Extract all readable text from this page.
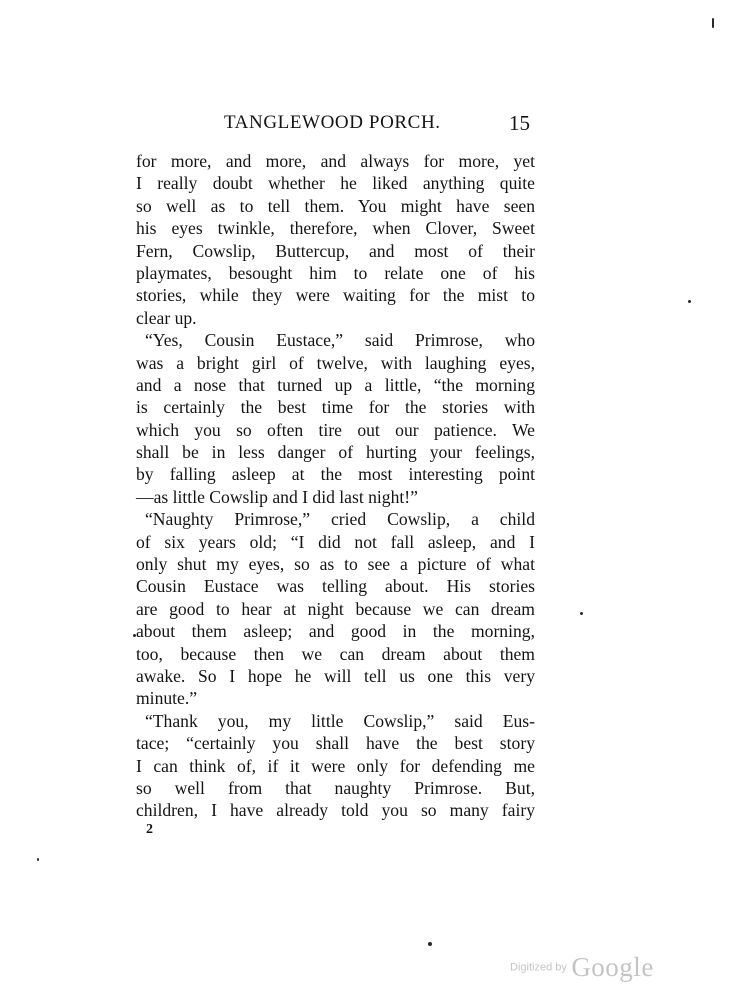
TANGLEWOOD PORCH.	15
for more, and more, and always for more, yet
I really doubt whether he liked anything quite
so well as to tell them. You might have seen
his eyes twinkle, therefore, when Clover, Sweet
Fern, Cowslip, Buttercup, and most of their
playmates, besought him to relate one of his
stories, while they were waiting for the mist to
clear up.
“Yes, Cousin Eustace,” said Primrose, who
was a bright girl of twelve, with laughing eyes,
and a nose that turned up a little, “the morning
is certainly the best time for the stories with
which you so often tire out our patience. We
shall be in less danger of hurting your feelings,
by falling asleep at the most interesting point
—as little Cowslip and I did last night!”
“Naughty Primrose,” cried Cowslip, a child
of six years old; “I did not fall asleep, and I
only shut my eyes, so as to see a picture of what
Cousin Eustace was telling about. His stories
are good to hear at night because we can dream
about them asleep; and good in the morning,
too, because then we can dream about them
awake. So I hope he will tell us one this very
minute.”
“Thank you, my little Cowslip,” said Eus-
tace; “certainly you shall have the best story
I can think of, if it were only for defending me
so well from that naughty Primrose. But,
children, I have already told you so many fairy
2
Digitized by Google
